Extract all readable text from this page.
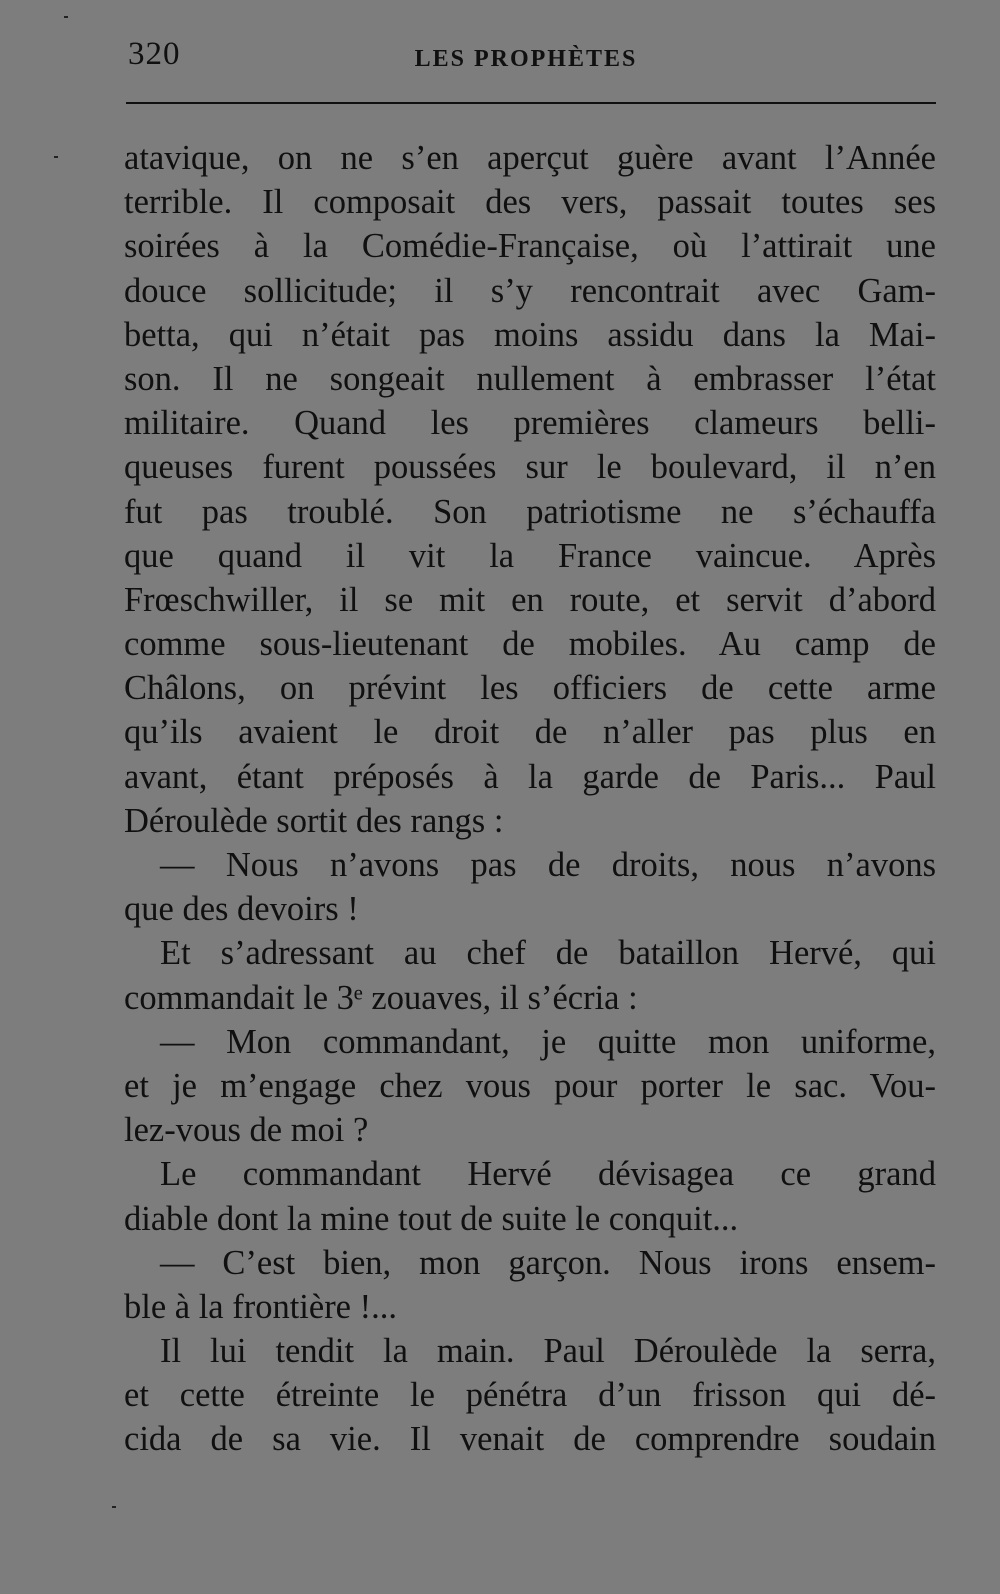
320	LES PROPHÈTES
atavique, on ne s’en aperçut guère avant l’Année
terrible. Il composait des vers, passait toutes ses
soirées à la Comédie-Française, où l’attirait une
douce sollicitude; il s’y rencontrait avec Gam-
betta, qui n’était pas moins assidu dans la Mai-
son. Il ne songeait nullement à embrasser l’état
militaire. Quand les premières clameurs belli-
queuses furent poussées sur le boulevard, il n’en
fut pas troublé. Son patriotisme ne s’échauffa
que quand il vit la France vaincue. Après
Frœschwiller, il se mit en route, et servit d’abord
comme sous-lieutenant de mobiles. Au camp de
Châlons, on prévint les officiers de cette arme
qu’ils avaient le droit de n’aller pas plus en
avant, étant préposés à la garde de Paris... Paul
Déroulède sortit des rangs :
— Nous n’avons pas de droits, nous n’avons
que des devoirs !
Et s’adressant au chef de bataillon Hervé, qui
commandait le 3ᵉ zouaves, il s’écria :
— Mon commandant, je quitte mon uniforme,
et je m’engage chez vous pour porter le sac. Vou-
lez-vous de moi ?
Le commandant Hervé dévisagea ce grand
diable dont la mine tout de suite le conquit...
— C’est bien, mon garçon. Nous irons ensem-
ble à la frontière !...
Il lui tendit la main. Paul Déroulède la serra,
et cette étreinte le pénétra d’un frisson qui dé-
cida de sa vie. Il venait de comprendre soudain
